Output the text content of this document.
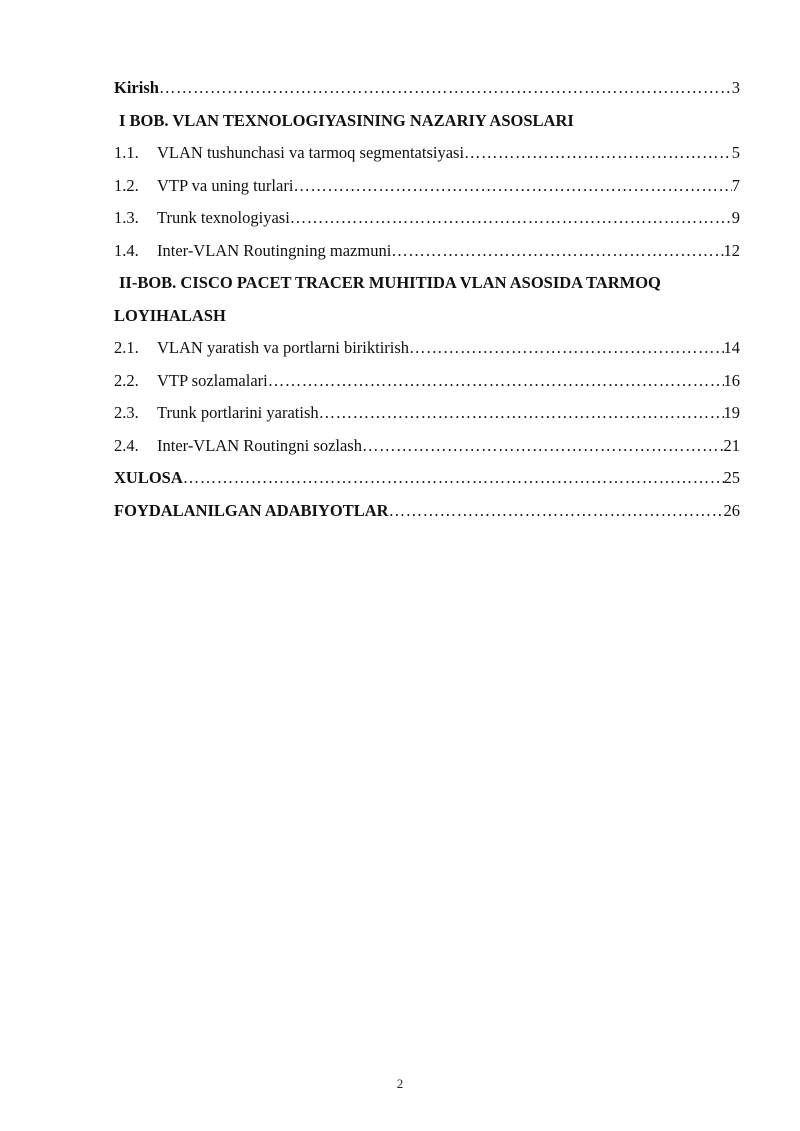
Kirish ……………………………………………………………………………………………………………………………………………………………………………	3
I BOB. VLAN TEXNOLOGIYASINING NAZARIY ASOSLARI
1.1.	VLAN tushunchasi va tarmoq segmentatsiyasi ……………………………………………………………………………………………………………………………………………………………………………	5
1.2.	VTP va uning turlari ……………………………………………………………………………………………………………………………………………………………………………	7
1.3.	Trunk texnologiyasi ……………………………………………………………………………………………………………………………………………………………………………	9
1.4.	Inter-VLAN Routingning mazmuni ……………………………………………………………………………………………………………………………………………………………………………	12
II-BOB. CISCO PACET TRACER MUHITIDA VLAN ASOSIDA TARMOQ
LOYIHALASH
2.1.	VLAN yaratish va portlarni biriktirish ……………………………………………………………………………………………………………………………………………………………………………	14
2.2.	VTP sozlamalari ……………………………………………………………………………………………………………………………………………………………………………	16
2.3.	Trunk portlarini yaratish ……………………………………………………………………………………………………………………………………………………………………………	19
2.4.	Inter-VLAN Routingni sozlash ……………………………………………………………………………………………………………………………………………………………………………	21
XULOSA ……………………………………………………………………………………………………………………………………………………………………………	25
FOYDALANILGAN ADABIYOTLAR ……………………………………………………………………………………………………………………………………………………………………………	26
2
